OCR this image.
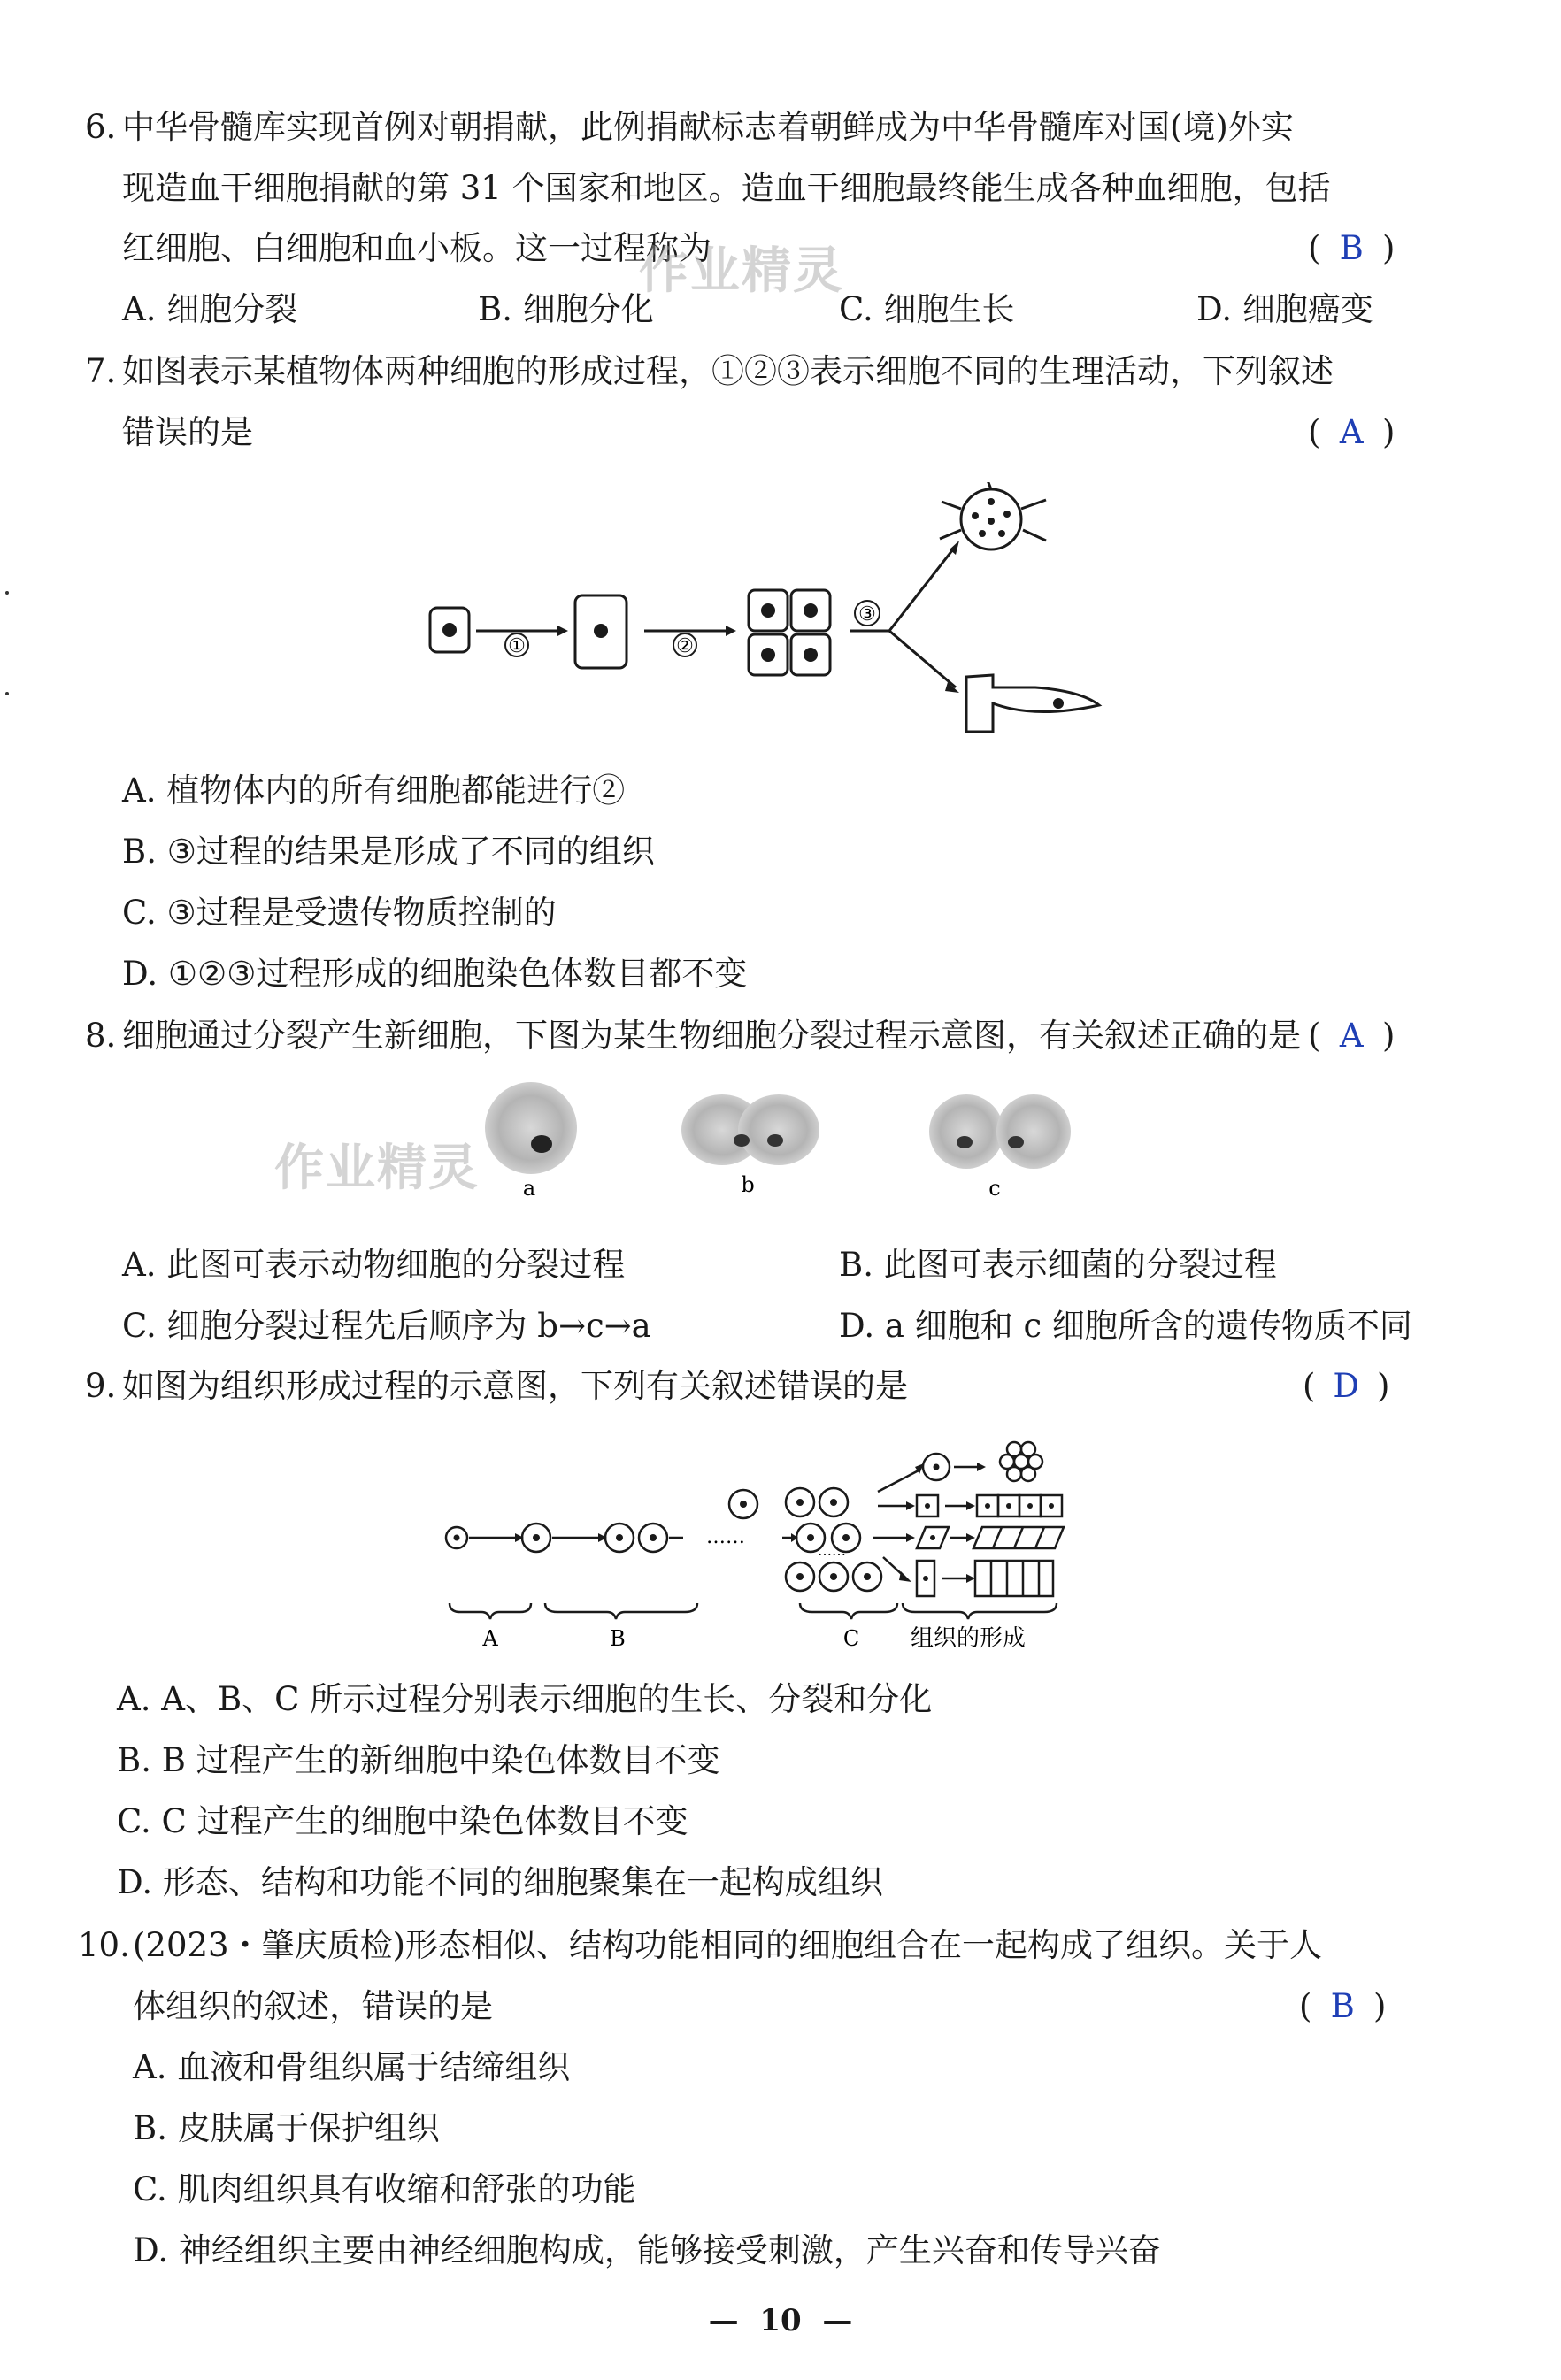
6. 中华骨髓库实现首例对朝捐献，此例捐献标志着朝鲜成为中华骨髓库对国(境)外实
现造血干细胞捐献的第 31 个国家和地区。造血干细胞最终能生成各种血细胞，包括
红细胞、白细胞和血小板。这一过程称为	( B )
A. 细胞分裂	B. 细胞分化	C. 细胞生长	D. 细胞癌变
作业精灵
7. 如图表示某植物体两种细胞的形成过程，①②③表示细胞不同的生理活动，下列叙述
错误的是	( A )
①	②
③
A. 植物体内的所有细胞都能进行②
B. ③过程的结果是形成了不同的组织
C. ③过程是受遗传物质控制的
D. ①②③过程形成的细胞染色体数目都不变
8. 细胞通过分裂产生新细胞，下图为某生物细胞分裂过程示意图，有关叙述正确的是 ( A )
a	b	c
作业精灵
A. 此图可表示动物细胞的分裂过程	B. 此图可表示细菌的分裂过程
C. 细胞分裂过程先后顺序为 b→c→a	D. a 细胞和 c 细胞所含的遗传物质不同
9. 如图为组织形成过程的示意图，下列有关叙述错误的是	( D )
……
……
A	B	C 组织的形成
A. A、B、C 所示过程分别表示细胞的生长、分裂和分化
B. B 过程产生的新细胞中染色体数目不变
C. C 过程产生的细胞中染色体数目不变
D. 形态、结构和功能不同的细胞聚集在一起构成组织
10. (2023・肇庆质检)形态相似、结构功能相同的细胞组合在一起构成了组织。关于人
体组织的叙述，错误的是	( B )
A. 血液和骨组织属于结缔组织
B. 皮肤属于保护组织
C. 肌肉组织具有收缩和舒张的功能
D. 神经组织主要由神经细胞构成，能够接受刺激，产生兴奋和传导兴奋
—  10  —
